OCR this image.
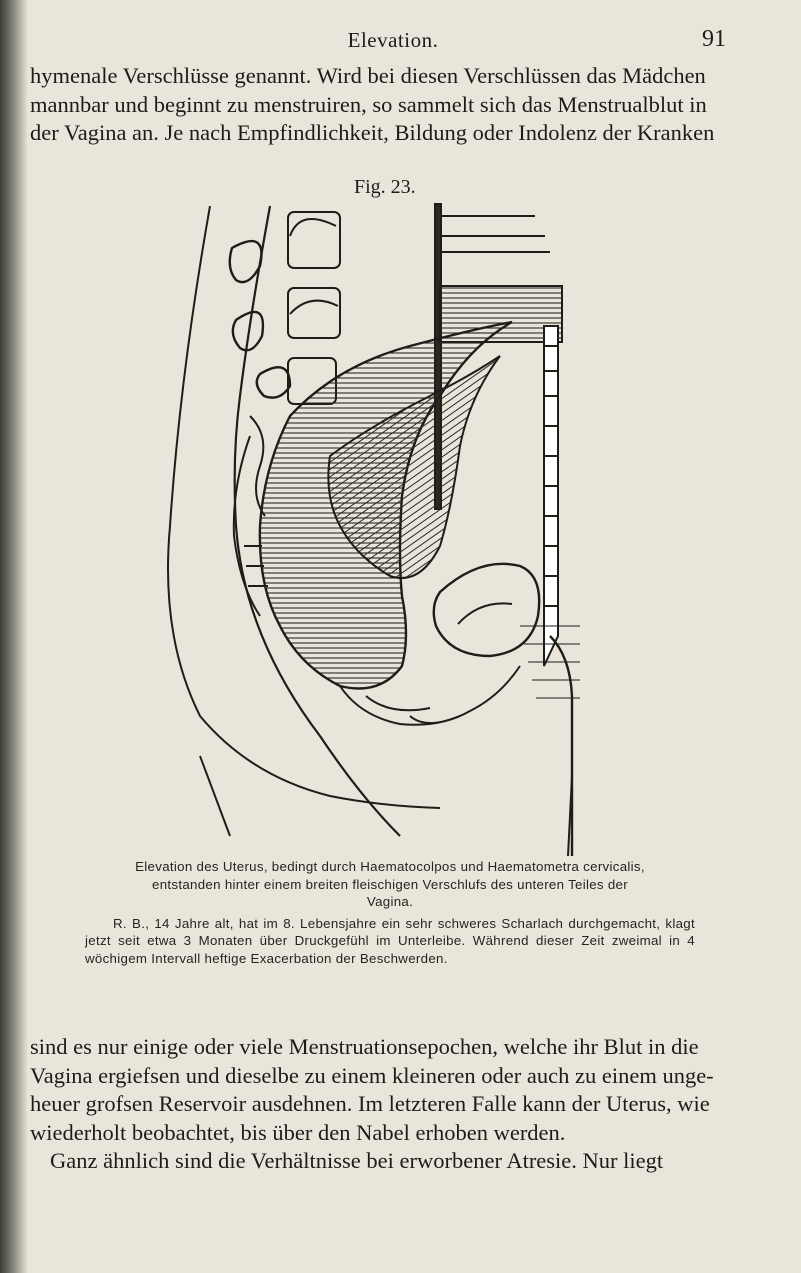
Elevation.	91

hymenale Verschlüsse genannt. Wird bei diesen Verschlüssen das Mädchen
mannbar und beginnt zu menstruiren, so sammelt sich das Menstrualblut in
der Vagina an. Je nach Empfindlichkeit, Bildung oder Indolenz der Kranken

Fig. 23.

Elevation des Uterus, bedingt durch Haematocolpos und Haematometra cervicalis,

entstanden hinter einem breiten fleischigen Verschlufs des unteren Teiles der

Vagina.

R. B., 14 Jahre alt, hat im 8. Lebensjahre ein sehr schweres Scharlach durchgemacht, klagt jetzt seit etwa 3 Monaten über Druckgefühl im Unterleibe. Während dieser Zeit zweimal in 4 wöchigem Intervall heftige Exacerbation der Beschwerden.

sind es nur einige oder viele Menstruationsepochen, welche ihr Blut in die
Vagina ergiefsen und dieselbe zu einem kleineren oder auch zu einem unge-
heuer grofsen Reservoir ausdehnen. Im letzteren Falle kann der Uterus, wie
wiederholt beobachtet, bis über den Nabel erhoben werden.
Ganz ähnlich sind die Verhältnisse bei erworbener Atresie. Nur liegt
